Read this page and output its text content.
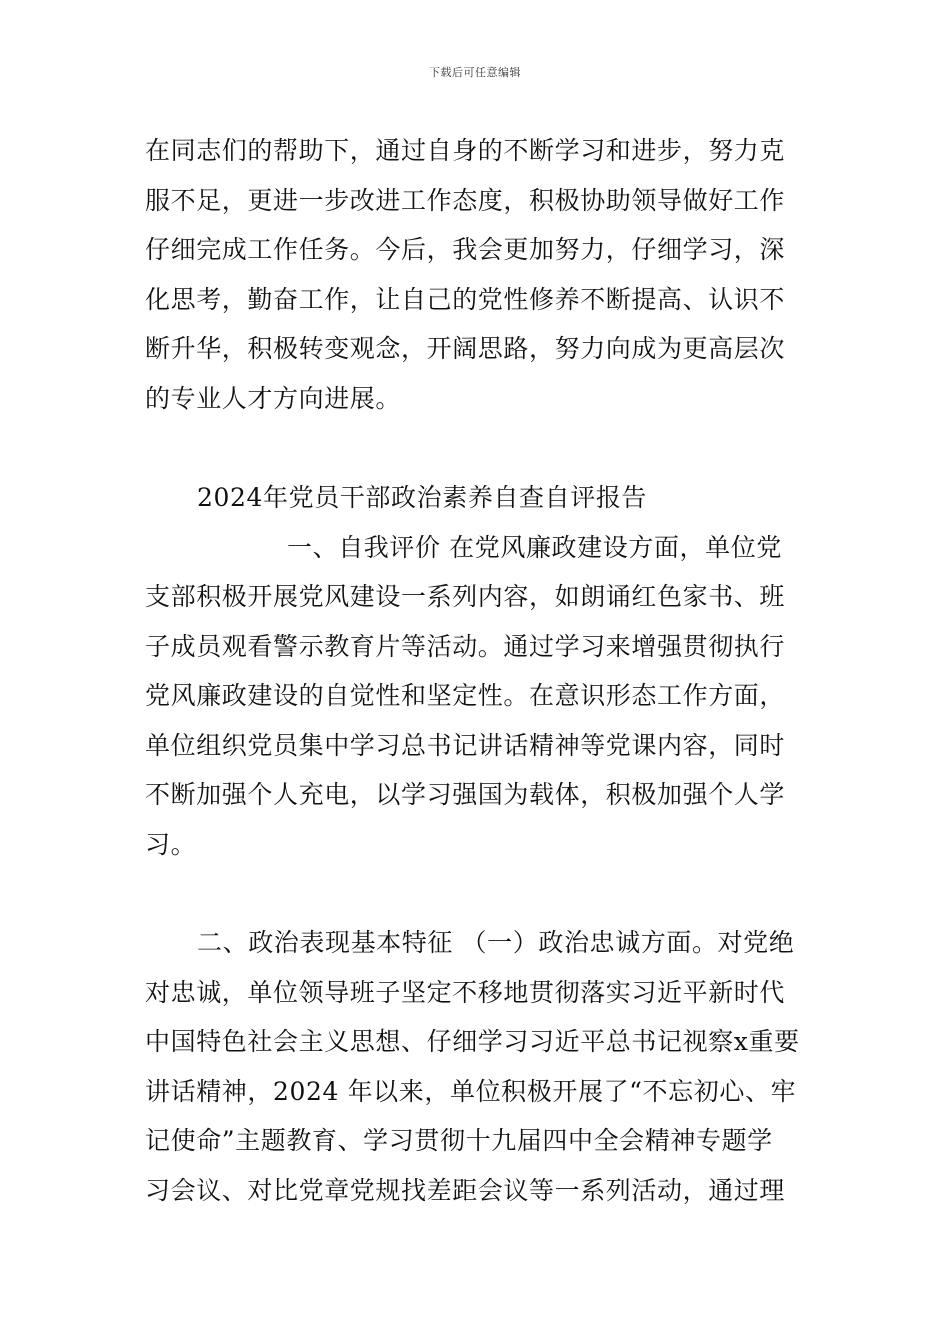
下载后可任意编辑
在同志们的帮助下，通过自身的不断学习和进步，努力克
服不足，更进一步改进工作态度，积极协助领导做好工作
仔细完成工作任务。今后，我会更加努力，仔细学习，深
化思考，勤奋工作，让自己的党性修养不断提高、认识不
断升华，积极转变观念，开阔思路，努力向成为更高层次
的专业人才方向进展。
2024年党员干部政治素养自查自评报告
一、自我评价 在党风廉政建设方面，单位党
支部积极开展党风建设一系列内容，如朗诵红色家书、班
子成员观看警示教育片等活动。通过学习来增强贯彻执行
党风廉政建设的自觉性和坚定性。在意识形态工作方面，
单位组织党员集中学习总书记讲话精神等党课内容，同时
不断加强个人充电，以学习强国为载体，积极加强个人学
习。
二、政治表现基本特征 （一）政治忠诚方面。对党绝
对忠诚，单位领导班子坚定不移地贯彻落实习近平新时代
中国特色社会主义思想、仔细学习习近平总书记视察x重要
讲话精神，2024 年以来，单位积极开展了“不忘初心、牢
记使命”主题教育、学习贯彻十九届四中全会精神专题学
习会议、对比党章党规找差距会议等一系列活动，通过理
